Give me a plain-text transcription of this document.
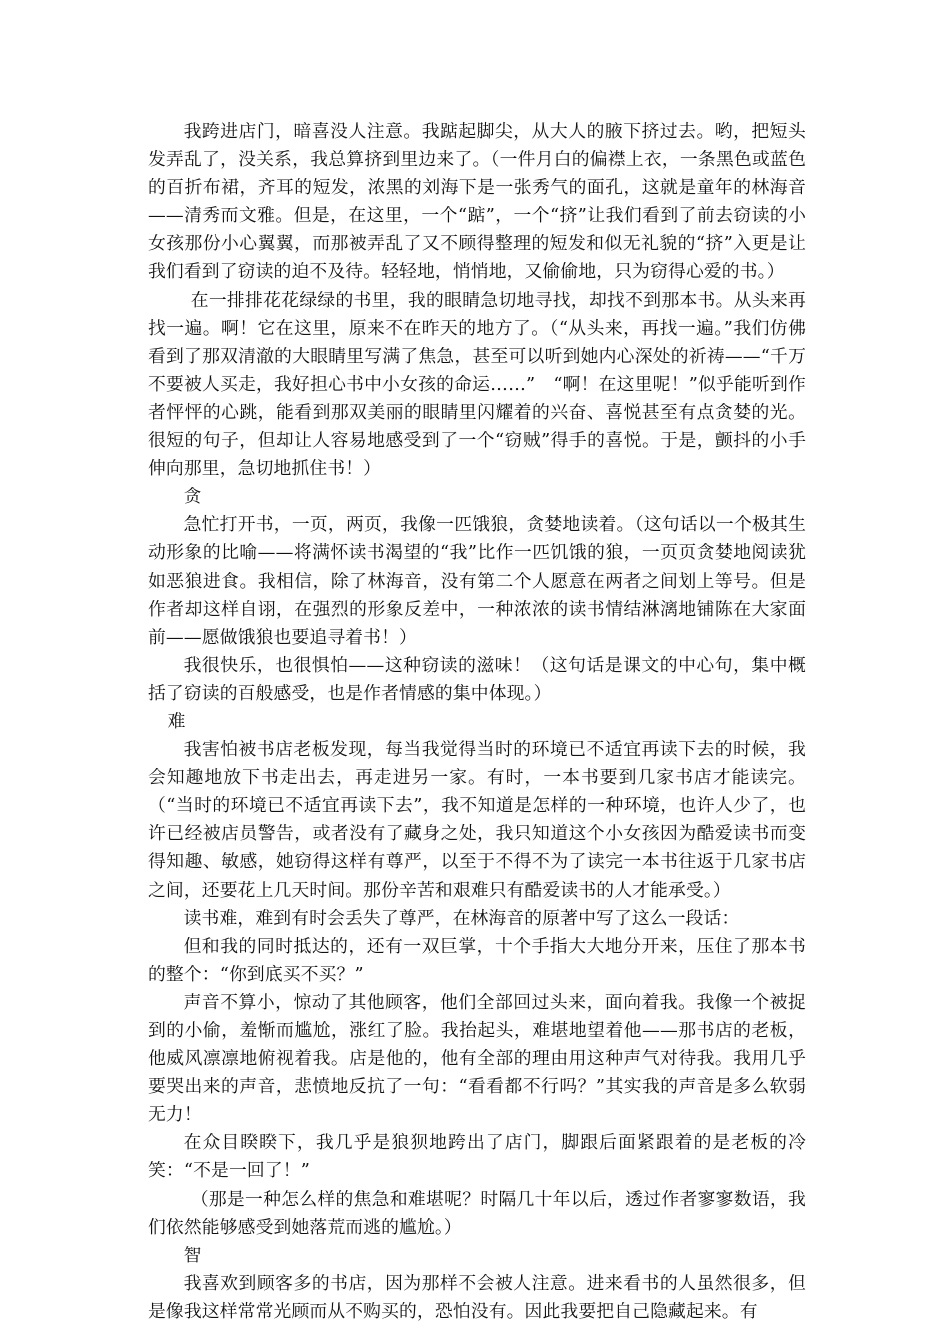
我跨进店门，暗喜没人注意。我踮起脚尖，从大人的腋下挤过去。哟，把短头发弄乱了，没关系，我总算挤到里边来了。（一件月白的偏襟上衣，一条黑色或蓝色的百折布裙，齐耳的短发，浓黑的刘海下是一张秀气的面孔，这就是童年的林海音——清秀而文雅。但是，在这里，一个“踮”，一个“挤”让我们看到了前去窃读的小女孩那份小心翼翼，而那被弄乱了又不顾得整理的短发和似无礼貌的“挤”入更是让我们看到了窃读的迫不及待。轻轻地，悄悄地，又偷偷地，只为窃得心爱的书。）

在一排排花花绿绿的书里，我的眼睛急切地寻找，却找不到那本书。从头来再找一遍。啊！它在这里，原来不在昨天的地方了。（“从头来，再找一遍。”我们仿佛看到了那双清澈的大眼睛里写满了焦急，甚至可以听到她内心深处的祈祷——“千万不要被人买走，我好担心书中小女孩的命运……”　“啊！在这里呢！”似乎能听到作者怦怦的心跳，能看到那双美丽的眼睛里闪耀着的兴奋、喜悦甚至有点贪婪的光。很短的句子，但却让人容易地感受到了一个“窃贼”得手的喜悦。于是，颤抖的小手伸向那里，急切地抓住书！）

贪

急忙打开书，一页，两页，我像一匹饿狼，贪婪地读着。（这句话以一个极其生动形象的比喻——将满怀读书渴望的“我”比作一匹饥饿的狼，一页页贪婪地阅读犹如恶狼进食。我相信，除了林海音，没有第二个人愿意在两者之间划上等号。但是作者却这样自诩，在强烈的形象反差中，一种浓浓的读书情结淋漓地铺陈在大家面前——愿做饿狼也要追寻着书！）

我很快乐，也很惧怕——这种窃读的滋味！（这句话是课文的中心句，集中概括了窃读的百般感受，也是作者情感的集中体现。）

难

我害怕被书店老板发现，每当我觉得当时的环境已不适宜再读下去的时候，我会知趣地放下书走出去，再走进另一家。有时，一本书要到几家书店才能读完。（“当时的环境已不适宜再读下去”，我不知道是怎样的一种环境，也许人少了，也许已经被店员警告，或者没有了藏身之处，我只知道这个小女孩因为酷爱读书而变得知趣、敏感，她窃得这样有尊严，以至于不得不为了读完一本书往返于几家书店之间，还要花上几天时间。那份辛苦和艰难只有酷爱读书的人才能承受。）

读书难，难到有时会丢失了尊严，在林海音的原著中写了这么一段话：

但和我的同时抵达的，还有一双巨掌，十个手指大大地分开来，压住了那本书的整个：“你到底买不买？”

声音不算小，惊动了其他顾客，他们全部回过头来，面向着我。我像一个被捉到的小偷，羞惭而尴尬，涨红了脸。我抬起头，难堪地望着他——那书店的老板，他威风凛凛地俯视着我。店是他的，他有全部的理由用这种声气对待我。我用几乎要哭出来的声音，悲愤地反抗了一句：“看看都不行吗？”其实我的声音是多么软弱无力！

在众目睽睽下，我几乎是狼狈地跨出了店门，脚跟后面紧跟着的是老板的冷笑：“不是一回了！”

（那是一种怎么样的焦急和难堪呢？时隔几十年以后，透过作者寥寥数语，我们依然能够感受到她落荒而逃的尴尬。）

智

我喜欢到顾客多的书店，因为那样不会被人注意。进来看书的人虽然很多，但是像我这样常常光顾而从不购买的，恐怕没有。因此我要把自己隐藏起来。有
